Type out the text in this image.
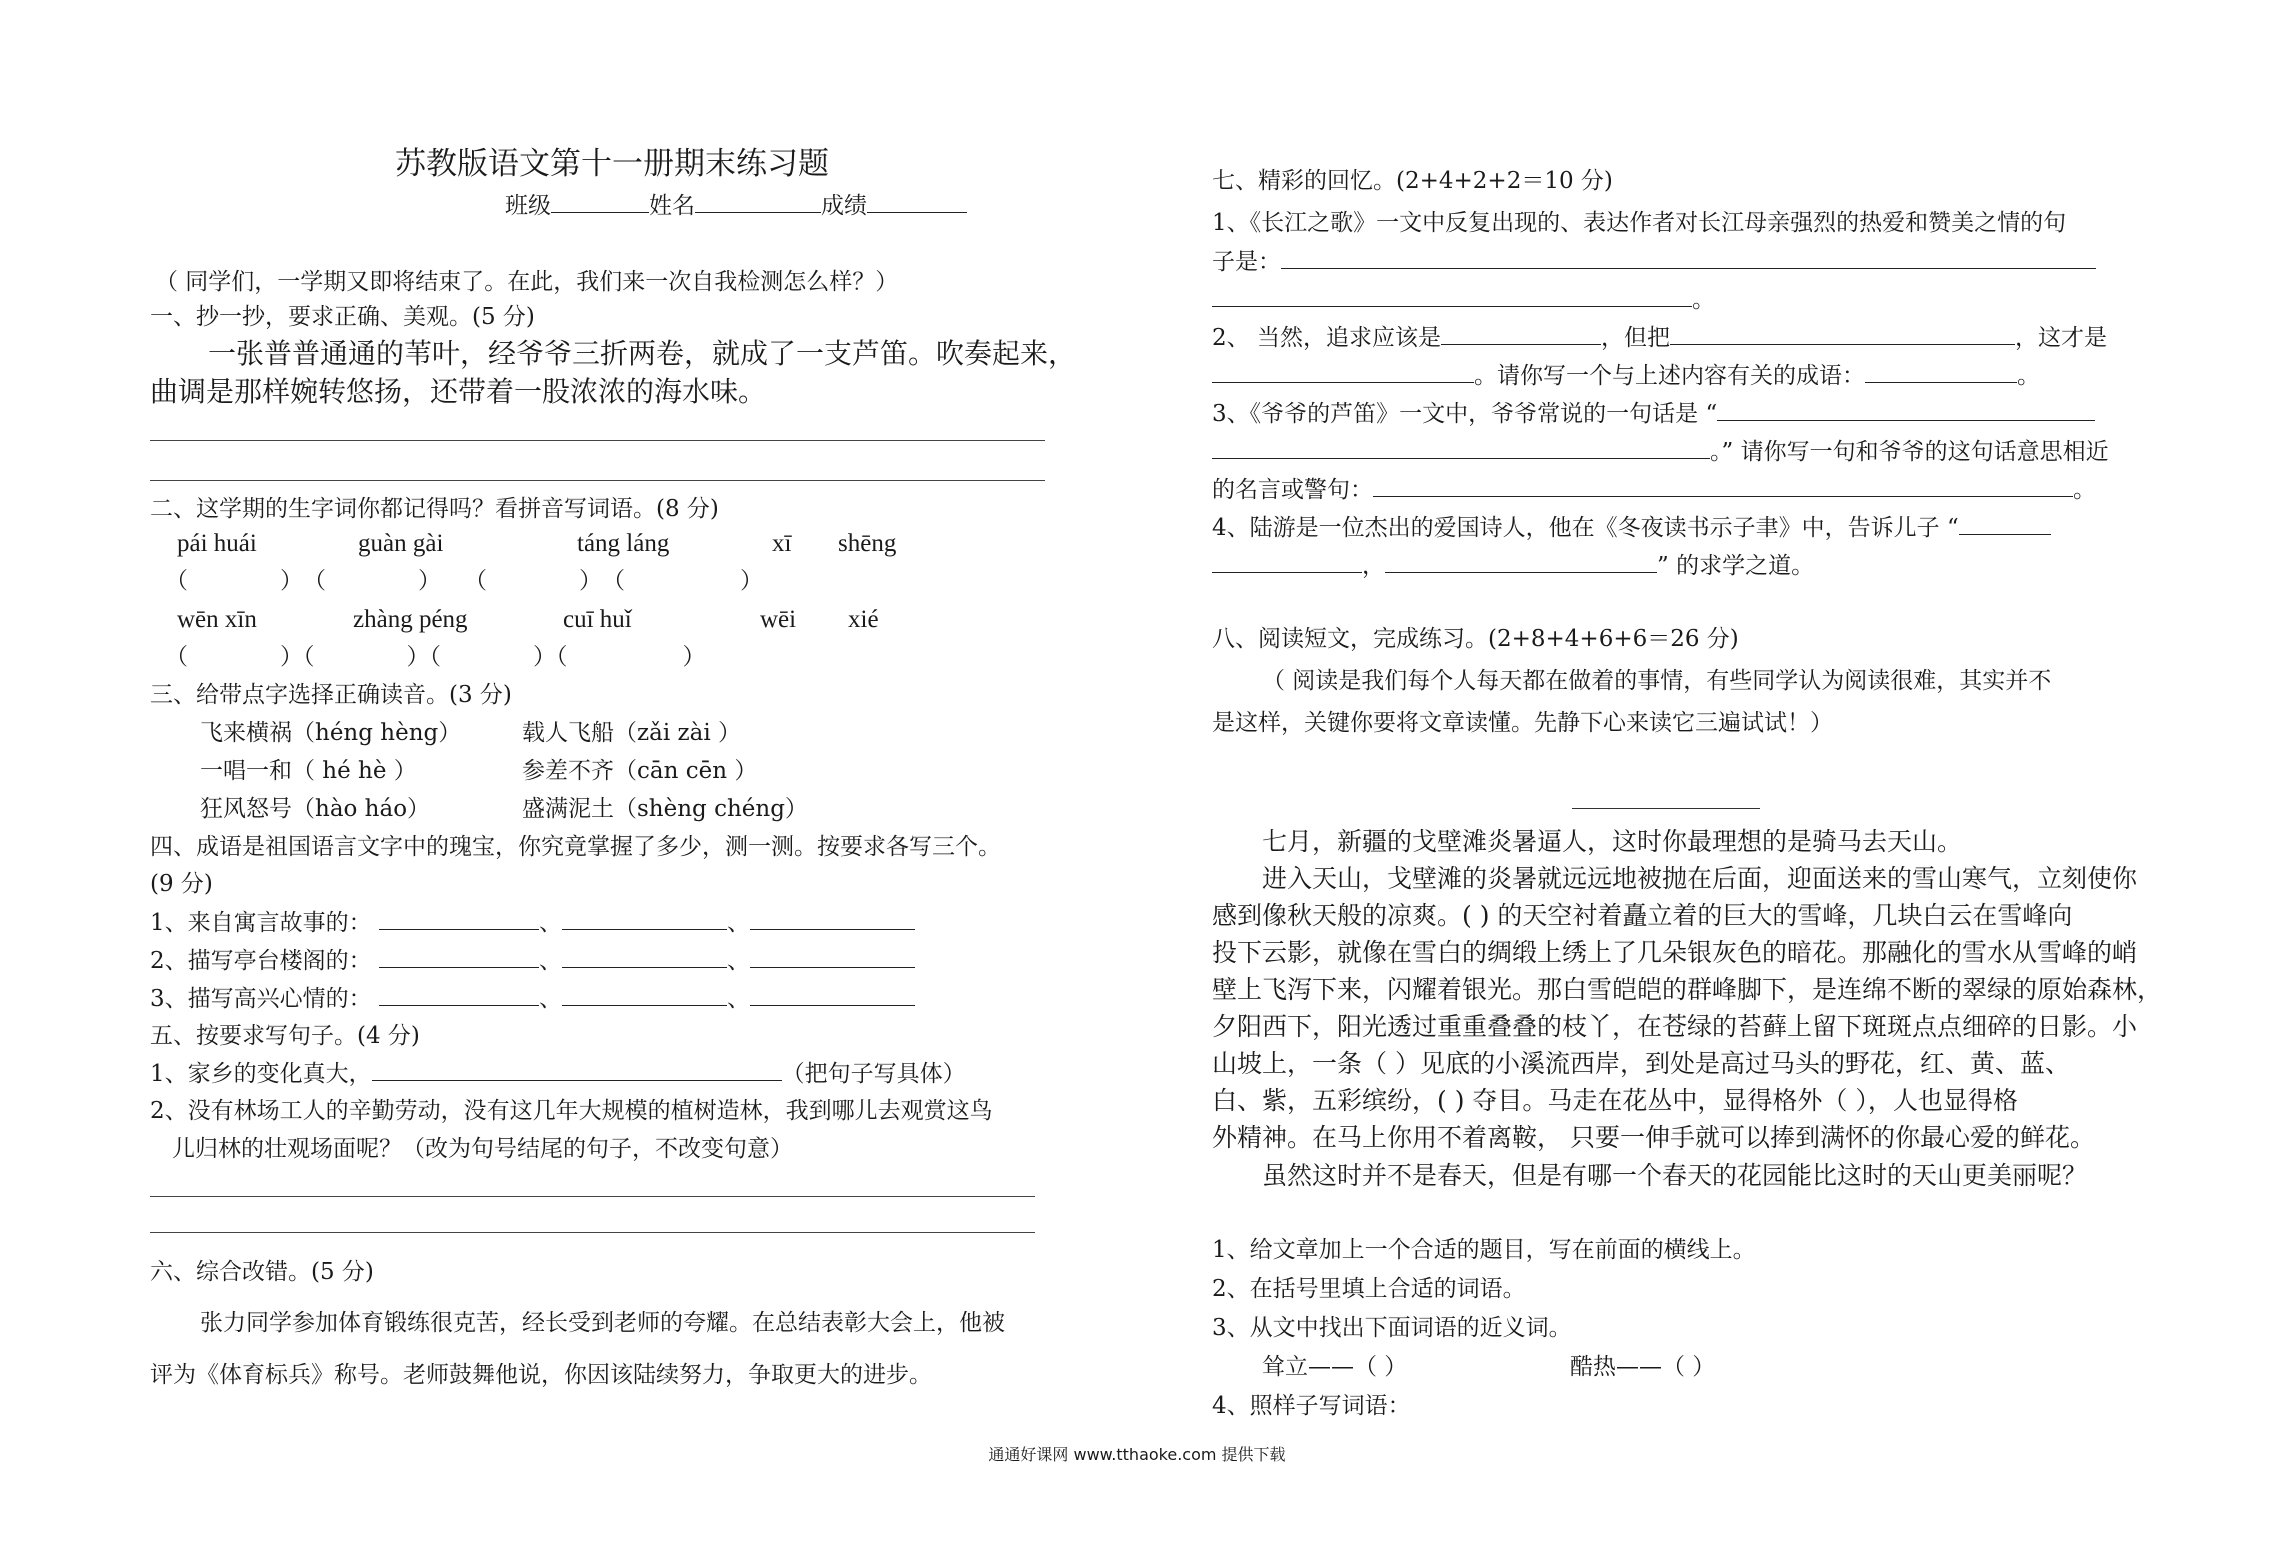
苏教版语文第十一册期末练习题
班级	姓名	成绩
（ 同学们，一学期又即将结束了。在此，我们来一次自我检测怎么样？）
一、抄一抄，要求正确、美观。(5 分)
一张普普通通的苇叶，经爷爷三折两卷，就成了一支芦笛。吹奏起来，
曲调是那样婉转悠扬，还带着一股浓浓的海水味。
二、这学期的生字词你都记得吗？看拼音写词语。(8 分)
pái huái	guàn gài	táng láng	xī shēng
（　　　　）　（　　　　）　　（　　　　）　（　　　　　）
wēn xīn	zhàng péng	cuī huǐ	wēi xié
（　　　　）（　　　　）（　　　　）（　　　　　）
三、给带点字选择正确读音。(3 分)
飞来横祸（héng hèng）	载人飞船（zǎi zài ）
一唱一和（ hé hè ）	参差不齐（cān cēn ）
狂风怒号（hào háo）	盛满泥土（shèng chéng）
四、成语是祖国语言文字中的瑰宝，你究竟掌握了多少，测一测。按要求各写三个。
(9 分)
1、来自寓言故事的：	、	、
2、描写亭台楼阁的：	、	、
3、描写高兴心情的：	、	、
五、按要求写句子。(4 分)
1、家乡的变化真大，	（把句子写具体）
2、没有林场工人的辛勤劳动，没有这几年大规模的植树造林，我到哪儿去观赏这鸟
儿归林的壮观场面呢？（改为句号结尾的句子，不改变句意）
六、综合改错。(5 分)
张力同学参加体育锻练很克苦，经长受到老师的夸耀。在总结表彰大会上，他被
评为《体育标兵》称号。老师鼓舞他说，你因该陆续努力，争取更大的进步。
七、精彩的回忆。(2+4+2+2＝10 分)
1、《长江之歌》一文中反复出现的、表达作者对长江母亲强烈的热爱和赞美之情的句
子是：
。
2、 当然，追求应该是	，但把	，这才是
。请你写一个与上述内容有关的成语：	。
3、《爷爷的芦笛》一文中，爷爷常说的一句话是 “
。” 请你写一句和爷爷的这句话意思相近
的名言或警句：	。
4、陆游是一位杰出的爱国诗人，他在《冬夜读书示子聿》中，告诉儿子 “
，	” 的求学之道。
八、阅读短文，完成练习。(2+8+4+6+6＝26 分)
（ 阅读是我们每个人每天都在做着的事情，有些同学认为阅读很难，其实并不
是这样，关键你要将文章读懂。先静下心来读它三遍试试！）
七月，新疆的戈壁滩炎暑逼人，这时你最理想的是骑马去天山。
进入天山，戈壁滩的炎暑就远远地被抛在后面，迎面送来的雪山寒气，立刻使你
感到像秋天般的凉爽。( ) 的天空衬着矗立着的巨大的雪峰，几块白云在雪峰向
投下云影，就像在雪白的绸缎上绣上了几朵银灰色的暗花。那融化的雪水从雪峰的峭
壁上飞泻下来，闪耀着银光。那白雪皑皑的群峰脚下，是连绵不断的翠绿的原始森林，
夕阳西下，阳光透过重重叠叠的枝丫，在苍绿的苔藓上留下斑斑点点细碎的日影。小
山坡上，一条（ ）见底的小溪流西岸，到处是高过马头的野花，红、黄、蓝、
白、紫，五彩缤纷，( ) 夺目。马走在花丛中，显得格外（ ），人也显得格
外精神。在马上你用不着离鞍， 只要一伸手就可以捧到满怀的你最心爱的鲜花。
虽然这时并不是春天，但是有哪一个春天的花园能比这时的天山更美丽呢？
1、给文章加上一个合适的题目，写在前面的横线上。
2、在括号里填上合适的词语。
3、从文中找出下面词语的近义词。
耸立——（ ）	酷热——（ ）
4、照样子写词语：
通通好课网 www.tthaoke.com 提供下载
